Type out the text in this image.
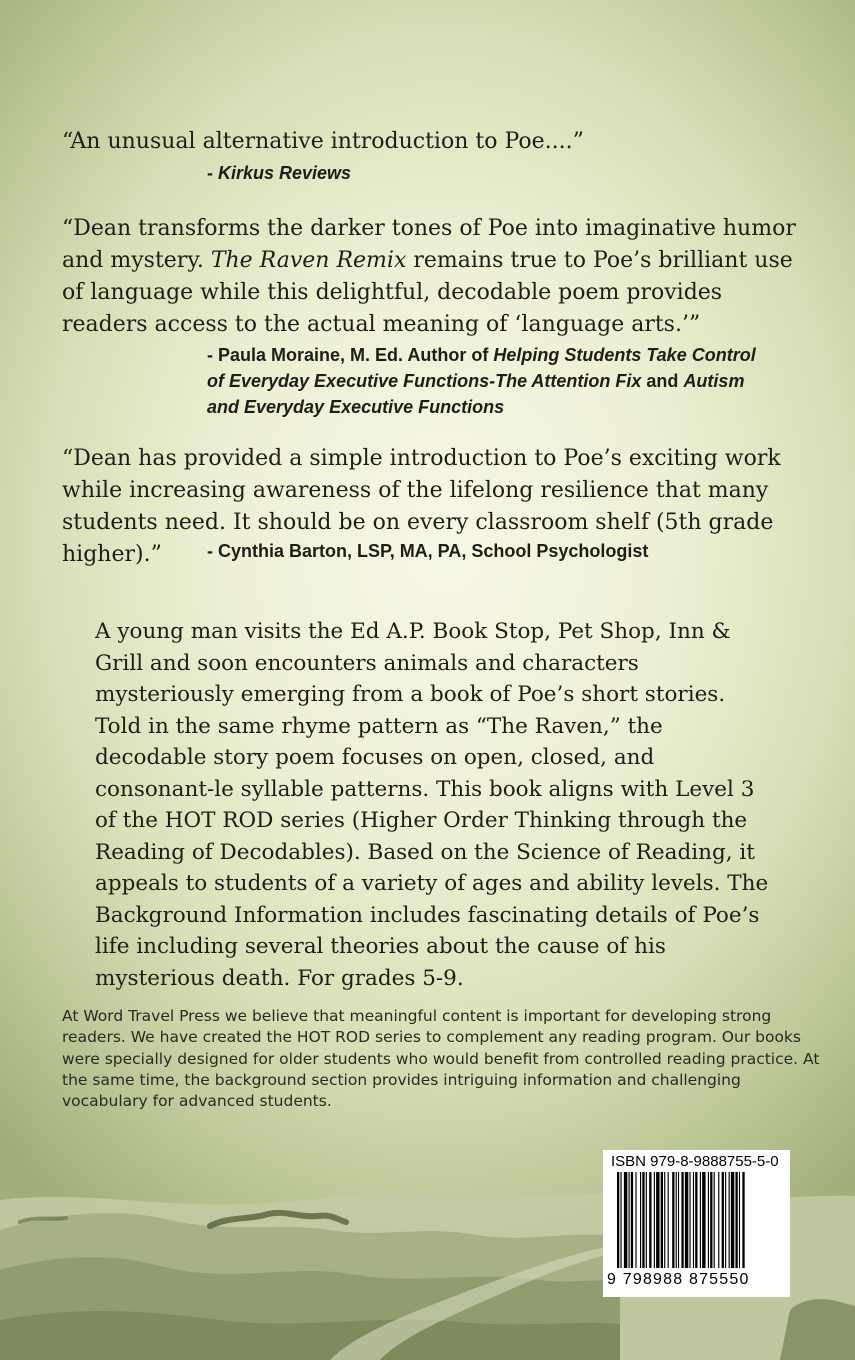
“An unusual alternative introduction to Poe....”
- Kirkus Reviews
“Dean transforms the darker tones of Poe into imaginative humor and mystery. The Raven Remix remains true to Poe’s brilliant use of language while this delightful, decodable poem provides readers access to the actual meaning of ‘language arts.’”
- Paula Moraine, M. Ed. Author of Helping Students Take Control of Everyday Executive Functions-The Attention Fix and Autism and Everyday Executive Functions
“Dean has provided a simple introduction to Poe’s exciting work while increasing awareness of the lifelong resilience that many students need. It should be on every classroom shelf (5th grade higher).”	- Cynthia Barton, LSP, MA, PA, School Psychologist
A young man visits the Ed A.P. Book Stop, Pet Shop, Inn & Grill and soon encounters animals and characters mysteriously emerging from a book of Poe’s short stories. Told in the same rhyme pattern as “The Raven,” the decodable story poem focuses on open, closed, and consonant-le syllable patterns. This book aligns with Level 3 of the HOT ROD series (Higher Order Thinking through the Reading of Decodables). Based on the Science of Reading, it appeals to students of a variety of ages and ability levels. The Background Information includes fascinating details of Poe’s life including several theories about the cause of his mysterious death. For grades 5-9.
At Word Travel Press we believe that meaningful content is important for developing strong readers. We have created the HOT ROD series to complement any reading program. Our books were specially designed for older students who would benefit from controlled reading practice. At the same time, the background section provides intriguing information and challenging vocabulary for advanced students.
ISBN 979-8-9888755-5-0
9 798988 875550
